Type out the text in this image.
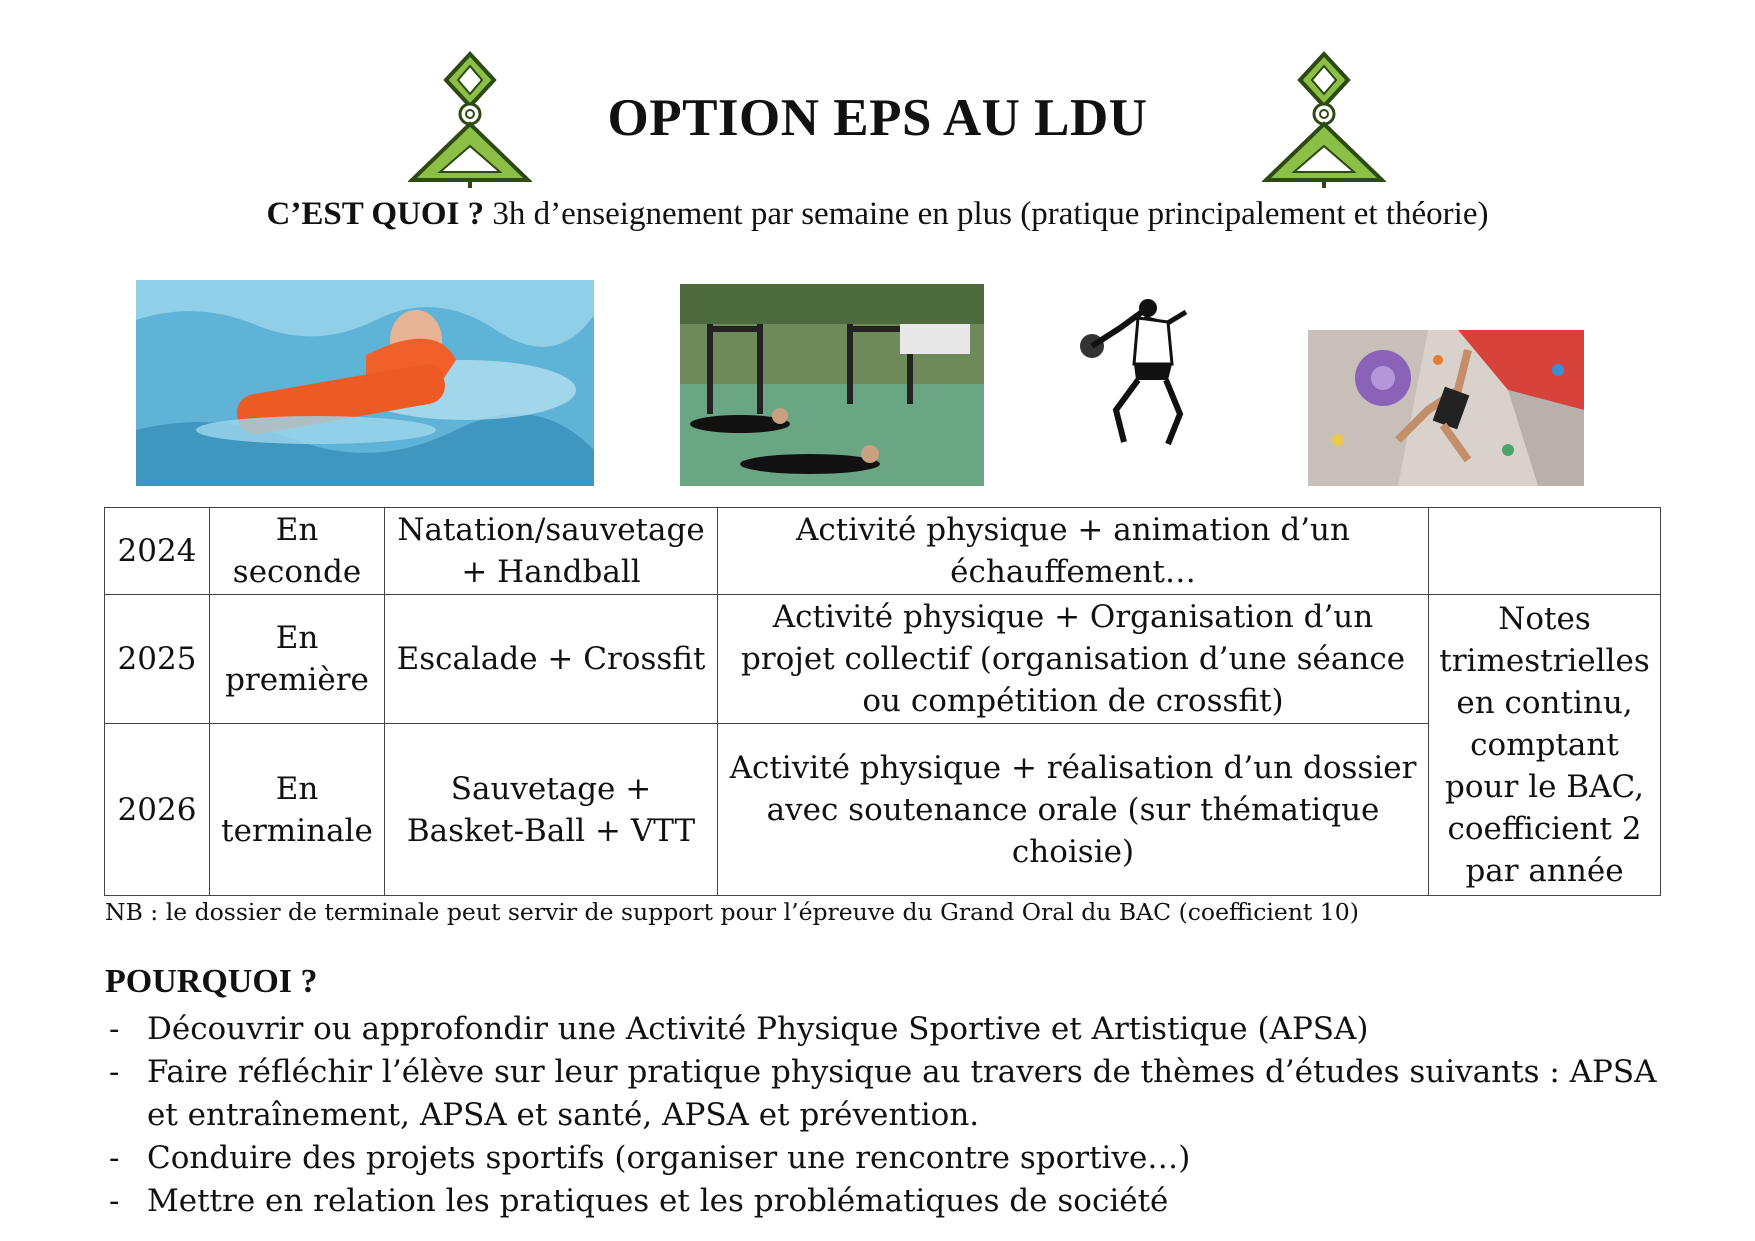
OPTION EPS AU LDU
C’EST QUOI ? 3h d’enseignement par semaine en plus (pratique principalement et théorie)
2024	En seconde	Natation/sauvetage + Handball	Activité physique + animation d’un échauffement…	
2025	En première	Escalade + Crossfit	Activité physique + Organisation d’un projet collectif (organisation d’une séance ou compétition de crossfit)	Notes trimestrielles en continu, comptant pour le BAC, coefficient 2 par année
2026	En terminale	Sauvetage + Basket-Ball + VTT	Activité physique + réalisation d’un dossier avec soutenance orale (sur thématique choisie)	
NB : le dossier de terminale peut servir de support pour l’épreuve du Grand Oral du BAC (coefficient 10)
POURQUOI ?
- Découvrir ou approfondir une Activité Physique Sportive et Artistique (APSA)
- Faire réfléchir l’élève sur leur pratique physique au travers de thèmes d’études suivants : APSA et entraînement, APSA et santé, APSA et prévention.
- Conduire des projets sportifs (organiser une rencontre sportive…)
- Mettre en relation les pratiques et les problématiques de société
